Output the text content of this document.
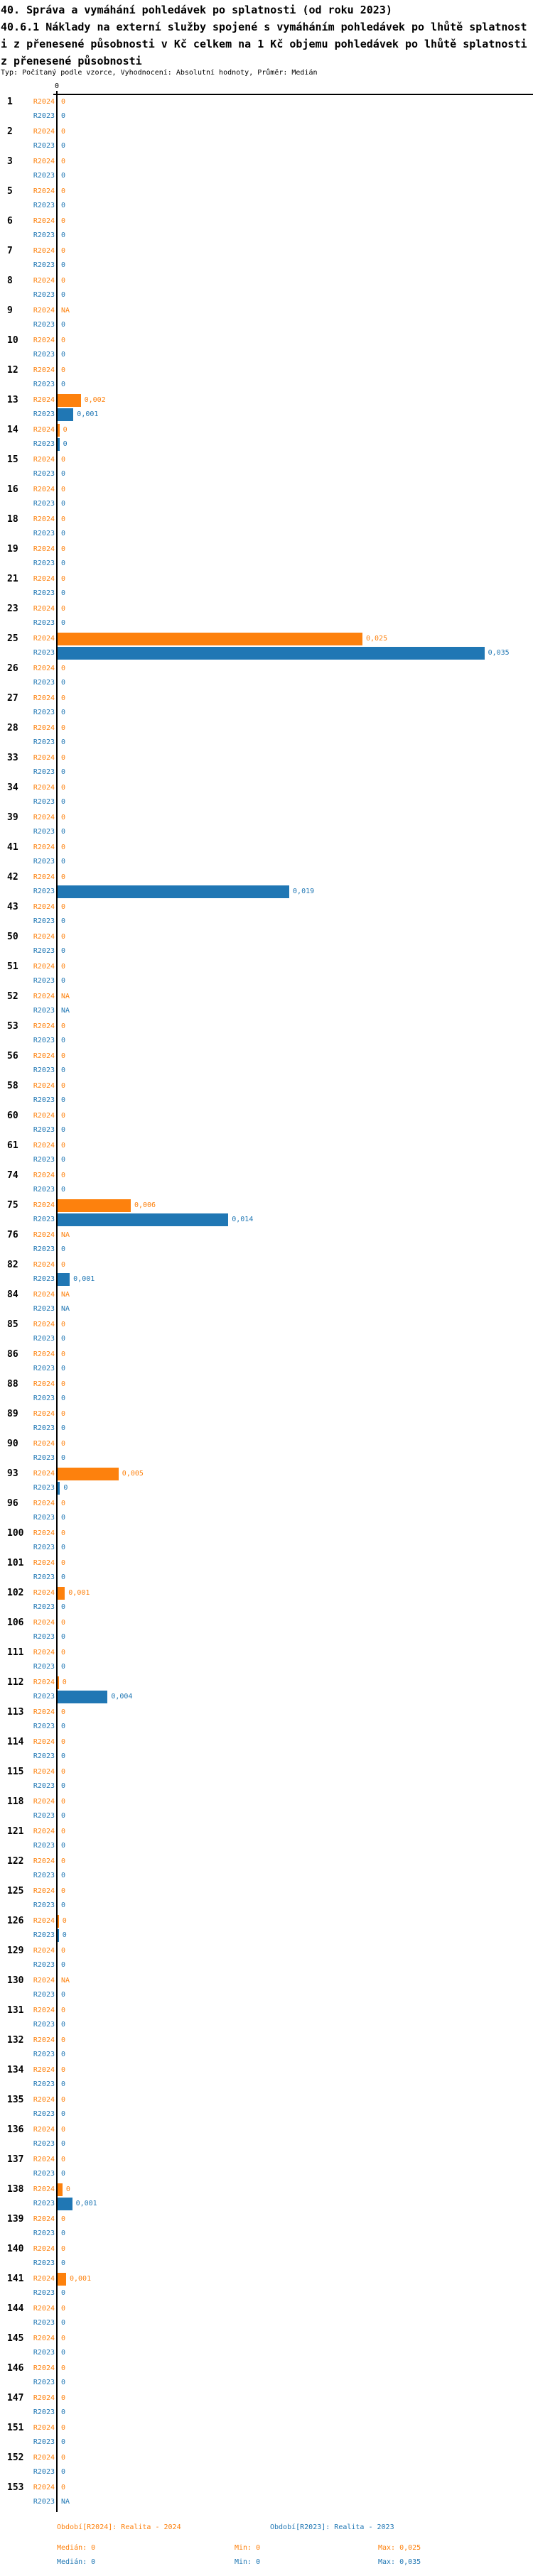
40. Správa a vymáhání pohledávek po splatnosti (od roku 2023)
40.6.1 Náklady na externí služby spojené s vymáháním pohledávek po lhůtě splatnosti z přenesené působnosti v Kč celkem na 1 Kč objemu pohledávek po lhůtě splatnosti z přenesené působnosti
Typ: Počítaný podle vzorce, Vyhodnocení: Absolutní hodnoty, Průměr: Medián
0
1	R2024 0
R2023 0
2	R2024 0
R2023 0
3	R2024 0
R2023 0
5	R2024 0
R2023 0
6	R2024 0
R2023 0
7	R2024 0
R2023 0
8	R2024 0
R2023 0
9	R2024 NA
R2023 0
10	R2024 0
R2023 0
12	R2024 0
R2023 0
13	R2024	0,002
R2023	0,001
14	R2024 0
R2023 0
15	R2024 0
R2023 0
16	R2024 0
R2023 0
18	R2024 0
R2023 0
19	R2024 0
R2023 0
21	R2024 0
R2023 0
23	R2024 0
R2023 0
25	R2024	0,025
R2023	0,035
26	R2024 0
R2023 0
27	R2024 0
R2023 0
28	R2024 0
R2023 0
33	R2024 0
R2023 0
34	R2024 0
R2023 0
39	R2024 0
R2023 0
41	R2024 0
R2023 0
42	R2024 0
R2023	0,019
43	R2024 0
R2023 0
50	R2024 0
R2023 0
51	R2024 0
R2023 0
52	R2024 NA
R2023 NA
53	R2024 0
R2023 0
56	R2024 0
R2023 0
58	R2024 0
R2023 0
60	R2024 0
R2023 0
61	R2024 0
R2023 0
74	R2024 0
R2023 0
75	R2024	0,006
R2023	0,014
76	R2024 NA
R2023 0
82	R2024 0
R2023	0,001
84	R2024 NA
R2023 NA
85	R2024 0
R2023 0
86	R2024 0
R2023 0
88	R2024 0
R2023 0
89	R2024 0
R2023 0
90	R2024 0
R2023 0
93	R2024	0,005
R2023 0
96	R2024 0
R2023 0
100	R2024 0
R2023 0
101	R2024 0
R2023 0
102	R2024 0,001
R2023 0
106	R2024 0
R2023 0
111	R2024 0
R2023 0
112	R2024 0
R2023	0,004
113	R2024 0
R2023 0
114	R2024 0
R2023 0
115	R2024 0
R2023 0
118	R2024 0
R2023 0
121	R2024 0
R2023 0
122	R2024 0
R2023 0
125	R2024 0
R2023 0
126	R2024 0
R2023 0
129	R2024 0
R2023 0
130	R2024 NA
R2023 0
131	R2024 0
R2023 0
132	R2024 0
R2023 0
134	R2024 0
R2023 0
135	R2024 0
R2023 0
136	R2024 0
R2023 0
137	R2024 0
R2023 0
138	R2024 0
R2023	0,001
139	R2024 0
R2023 0
140	R2024 0
R2023 0
141	R2024 0,001
R2023 0
144	R2024 0
R2023 0
145	R2024 0
R2023 0
146	R2024 0
R2023 0
147	R2024 0
R2023 0
151	R2024 0
R2023 0
152	R2024 0
R2023 0
153	R2024 0
R2023 NA
Období[R2024]: Realita - 2024	Období[R2023]: Realita - 2023
Medián: 0	Min: 0	Max: 0,025
Medián: 0	Min: 0	Max: 0,035
